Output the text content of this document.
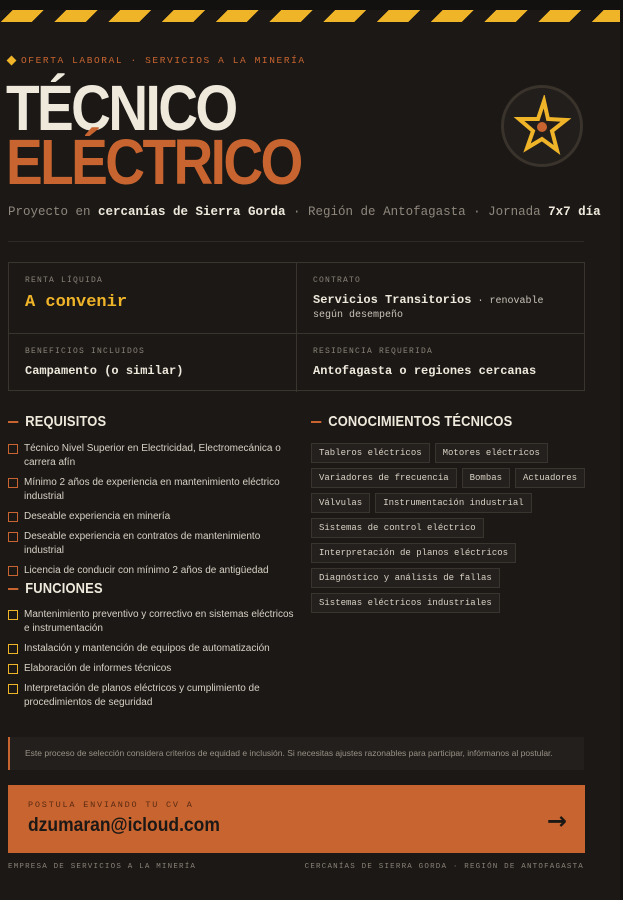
OFERTA LABORAL · SERVICIOS A LA MINERÍA
TÉCNICO
ELÉCTRICO
Proyecto en cercanías de Sierra Gorda · Región de Antofagasta · Jornada 7x7 día
RENTA LÍQUIDA
A convenir
CONTRATO
Servicios Transitorios · renovable según desempeño
BENEFICIOS INCLUIDOS
Campamento (o similar)
RESIDENCIA REQUERIDA
Antofagasta o regiones cercanas
REQUISITOS
Técnico Nivel Superior en Electricidad, Electromecánica o carrera afín
Mínimo 2 años de experiencia en mantenimiento eléctrico industrial
Deseable experiencia en minería
Deseable experiencia en contratos de mantenimiento industrial
Licencia de conducir con mínimo 2 años de antigüedad
FUNCIONES
Mantenimiento preventivo y correctivo en sistemas eléctricos e instrumentación
Instalación y mantención de equipos de automatización
Elaboración de informes técnicos
Interpretación de planos eléctricos y cumplimiento de procedimientos de seguridad
CONOCIMIENTOS TÉCNICOS
Tableros eléctricos	Motores eléctricos
Variadores de frecuencia	Bombas	Actuadores
Válvulas	Instrumentación industrial
Sistemas de control eléctrico
Interpretación de planos eléctricos
Diagnóstico y análisis de fallas
Sistemas eléctricos industriales
Este proceso de selección considera criterios de equidad e inclusión. Si necesitas ajustes razonables para participar, infórmanos al postular.
POSTULA ENVIANDO TU CV A
dzumaran@icloud.com	→
EMPRESA DE SERVICIOS A LA MINERÍA	CERCANÍAS DE SIERRA GORDA · REGIÓN DE ANTOFAGASTA
